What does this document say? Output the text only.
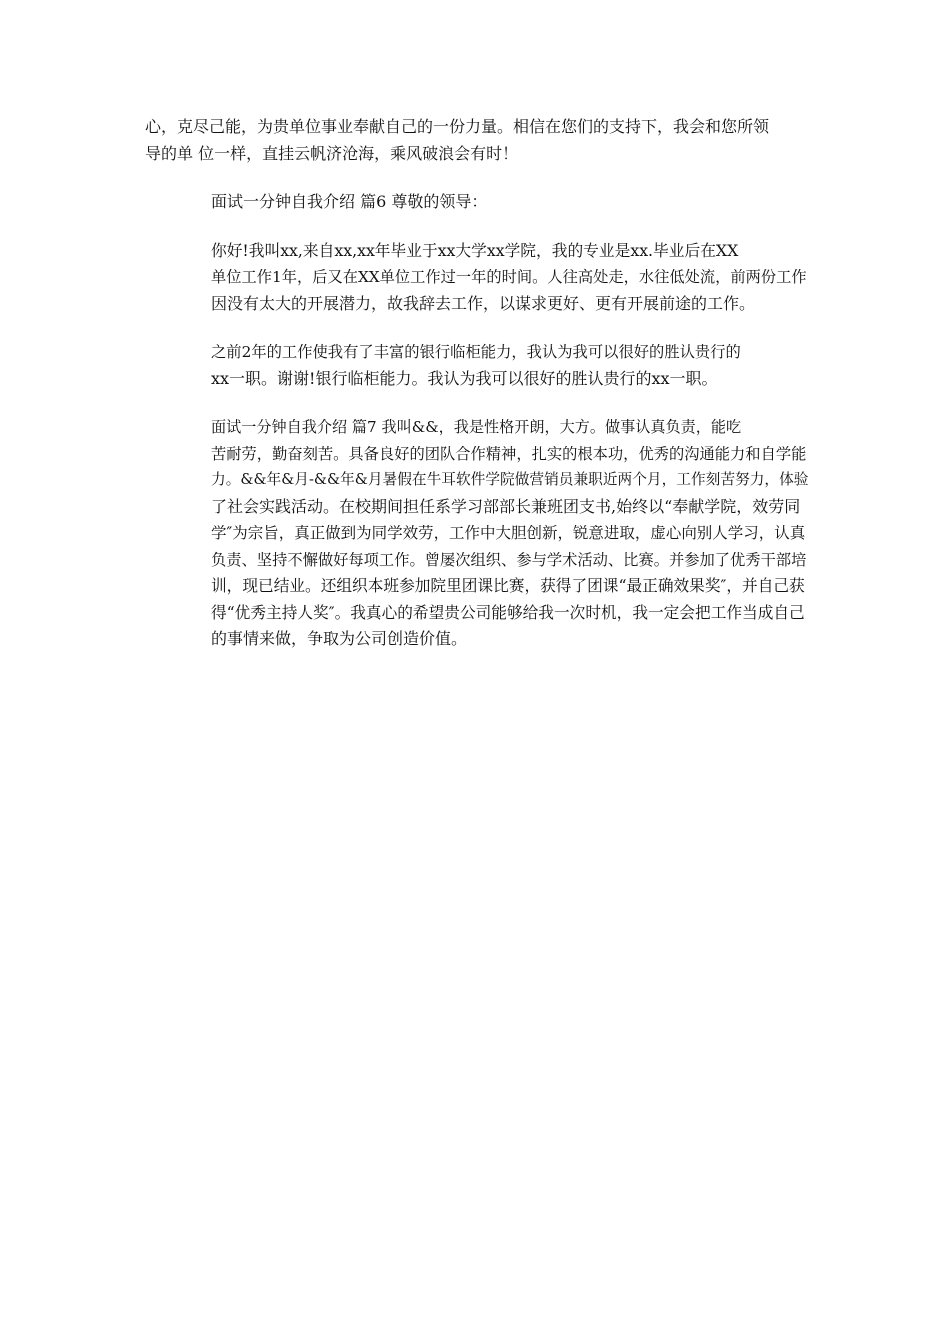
心，克尽己能，为贵单位事业奉献自己的一份力量。相信在您们的支持下，我会和您所领
导的单 位一样，直挂云帆济沧海，乘风破浪会有时！
面试一分钟自我介绍 篇6 尊敬的领导：
你好!我叫xx,来自xx,xx年毕业于xx大学xx学院，我的专业是xx.毕业后在XX
单位工作1年，后又在XX单位工作过一年的时间。人往高处走，水往低处流，前两份工作
因没有太大的开展潜力，故我辞去工作，以谋求更好、更有开展前途的工作。
之前2年的工作使我有了丰富的银行临柜能力，我认为我可以很好的胜认贵行的
xx一职。谢谢!银行临柜能力。我认为我可以很好的胜认贵行的xx一职。
面试一分钟自我介绍 篇7 我叫&&，我是性格开朗，大方。做事认真负责，能吃
苦耐劳，勤奋刻苦。具备良好的团队合作精神，扎实的根本功，优秀的沟通能力和自学能
力。&&年&月-&&年&月暑假在牛耳软件学院做营销员兼职近两个月，工作刻苦努力，体验
了社会实践活动。在校期间担任系学习部部长兼班团支书,始终以“奉献学院，效劳同
学″为宗旨，真正做到为同学效劳，工作中大胆创新，锐意进取，虚心向别人学习，认真
负责、坚持不懈做好每项工作。曾屡次组织、参与学术活动、比赛。并参加了优秀干部培
训，现已结业。还组织本班参加院里团课比赛，获得了团课“最正确效果奖″，并自己获
得“优秀主持人奖″。我真心的希望贵公司能够给我一次时机，我一定会把工作当成自己
的事情来做，争取为公司创造价值。
